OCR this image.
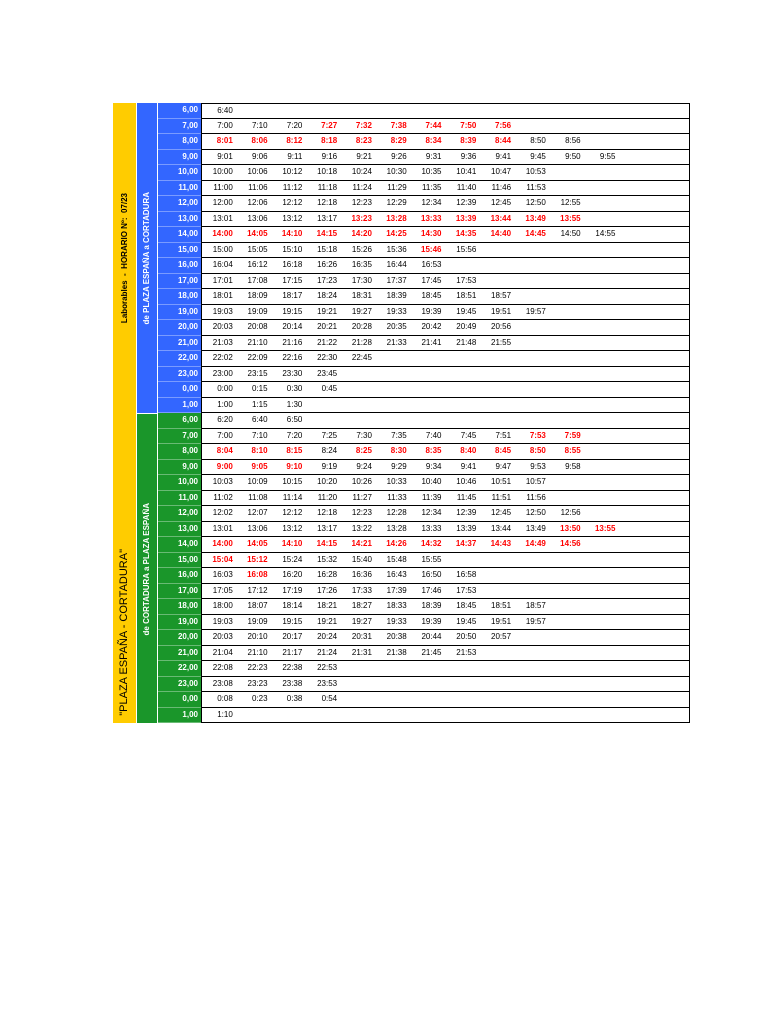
Laborables  -  HORARIO Nº:  07/23
"PLAZA ESPAÑA - CORTADURA"
de PLAZA ESPAÑA a CORTADURA
6,00	6:40
7,00	7:00	7:10	7:20	7:27	7:32	7:38	7:44	7:50	7:56
8,00	8:01	8:06	8:12	8:18	8:23	8:29	8:34	8:39	8:44	8:50	8:56
9,00	9:01	9:06	9:11	9:16	9:21	9:26	9:31	9:36	9:41	9:45	9:50	9:55
10,00	10:00	10:06	10:12	10:18	10:24	10:30	10:35	10:41	10:47	10:53
11,00	11:00	11:06	11:12	11:18	11:24	11:29	11:35	11:40	11:46	11:53
12,00	12:00	12:06	12:12	12:18	12:23	12:29	12:34	12:39	12:45	12:50	12:55
13,00	13:01	13:06	13:12	13:17	13:23	13:28	13:33	13:39	13:44	13:49	13:55
14,00	14:00	14:05	14:10	14:15	14:20	14:25	14:30	14:35	14:40	14:45	14:50	14:55
15,00	15:00	15:05	15:10	15:18	15:26	15:36	15:46	15:56
16,00	16:04	16:12	16:18	16:26	16:35	16:44	16:53
17,00	17:01	17:08	17:15	17:23	17:30	17:37	17:45	17:53
18,00	18:01	18:09	18:17	18:24	18:31	18:39	18:45	18:51	18:57
19,00	19:03	19:09	19:15	19:21	19:27	19:33	19:39	19:45	19:51	19:57
20,00	20:03	20:08	20:14	20:21	20:28	20:35	20:42	20:49	20:56
21,00	21:03	21:10	21:16	21:22	21:28	21:33	21:41	21:48	21:55
22,00	22:02	22:09	22:16	22:30	22:45
23,00	23:00	23:15	23:30	23:45
0,00	0:00	0:15	0:30	0:45
1,00	1:00	1:15	1:30
de CORTADURA a PLAZA ESPAÑA
6,00	6:20	6:40	6:50
7,00	7:00	7:10	7:20	7:25	7:30	7:35	7:40	7:45	7:51	7:53	7:59
8,00	8:04	8:10	8:15	8:24	8:25	8:30	8:35	8:40	8:45	8:50	8:55
9,00	9:00	9:05	9:10	9:19	9:24	9:29	9:34	9:41	9:47	9:53	9:58
10,00	10:03	10:09	10:15	10:20	10:26	10:33	10:40	10:46	10:51	10:57
11,00	11:02	11:08	11:14	11:20	11:27	11:33	11:39	11:45	11:51	11:56
12,00	12:02	12:07	12:12	12:18	12:23	12:28	12:34	12:39	12:45	12:50	12:56
13,00	13:01	13:06	13:12	13:17	13:22	13:28	13:33	13:39	13:44	13:49	13:50	13:55
14,00	14:00	14:05	14:10	14:15	14:21	14:26	14:32	14:37	14:43	14:49	14:56
15,00	15:04	15:12	15:24	15:32	15:40	15:48	15:55
16,00	16:03	16:08	16:20	16:28	16:36	16:43	16:50	16:58
17,00	17:05	17:12	17:19	17:26	17:33	17:39	17:46	17:53
18,00	18:00	18:07	18:14	18:21	18:27	18:33	18:39	18:45	18:51	18:57
19,00	19:03	19:09	19:15	19:21	19:27	19:33	19:39	19:45	19:51	19:57
20,00	20:03	20:10	20:17	20:24	20:31	20:38	20:44	20:50	20:57
21,00	21:04	21:10	21:17	21:24	21:31	21:38	21:45	21:53
22,00	22:08	22:23	22:38	22:53
23,00	23:08	23:23	23:38	23:53
0,00	0:08	0:23	0:38	0:54
1,00	1:10
